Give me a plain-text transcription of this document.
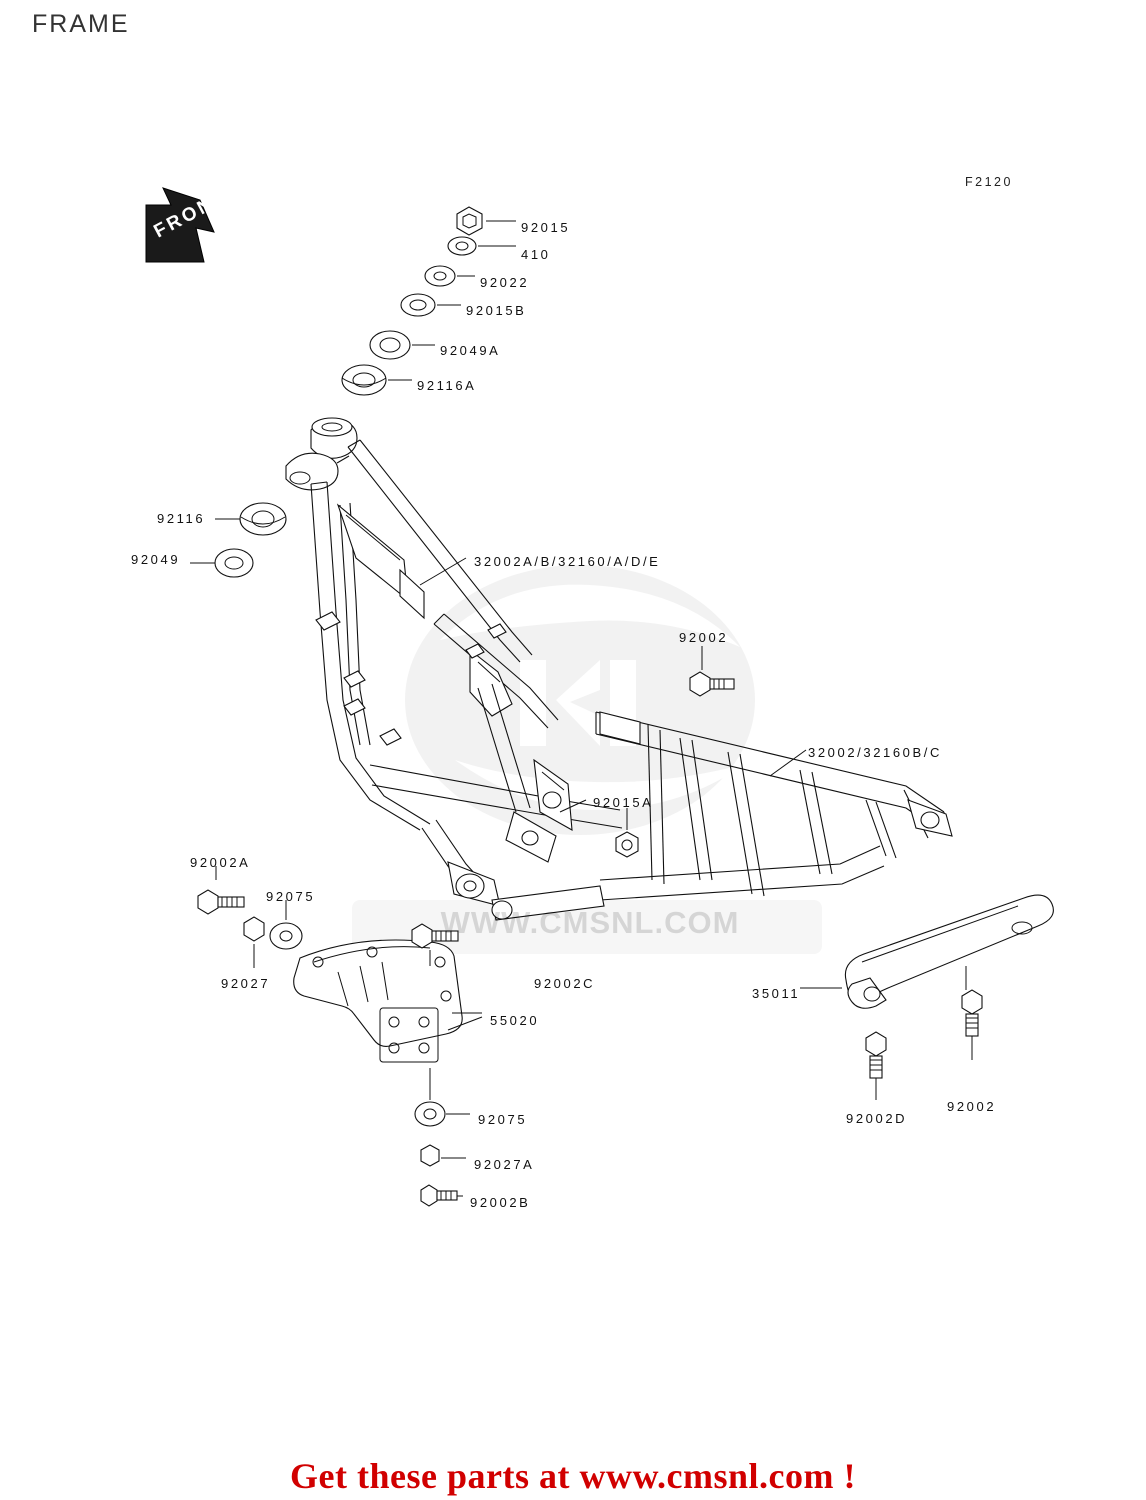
FRAME
F2120
FRONT	92015
410
92022
92015B
92049A
92116A
92116
92049	32002A/B/32160/A/D/E
92002
32002/32160B/C
92015A
92002A
92075
92027	92002C
35011
55020
92002
92002D
92075
92027A
92002B
Get these parts at www.cmsnl.com !
